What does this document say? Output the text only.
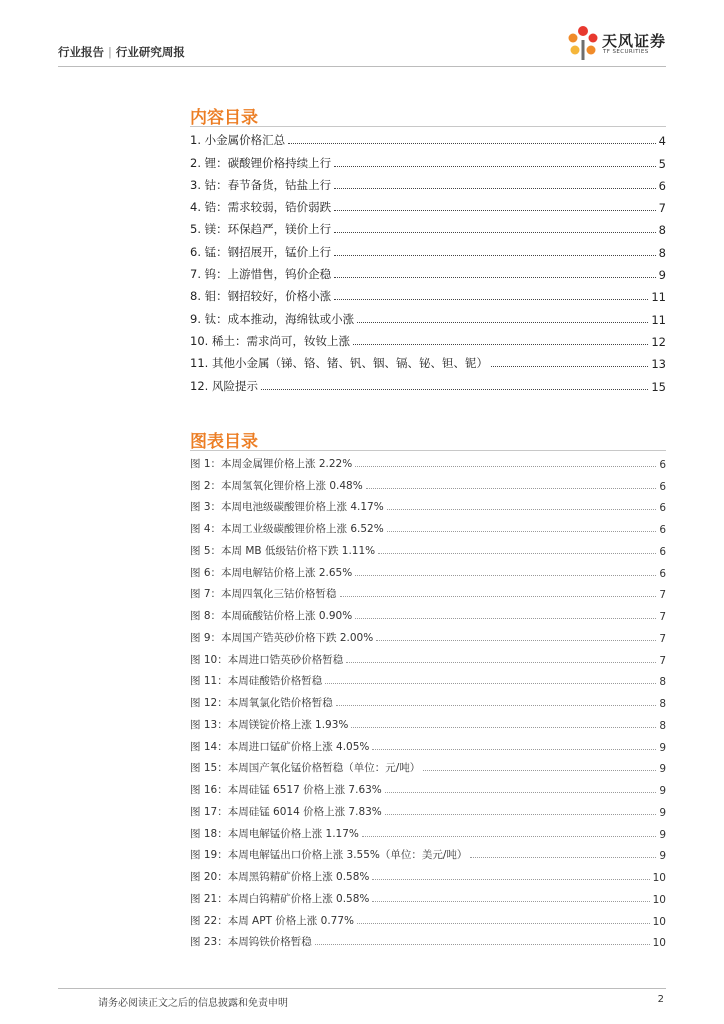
行业报告 | 行业研究周报
天风证券
TF SECURITIES
内容目录
1. 小金属价格汇总	4
2. 锂：碳酸锂价格持续上行	5
3. 钴：春节备货，钴盐上行	6
4. 锆：需求较弱，锆价弱跌	7
5. 镁：环保趋严，镁价上行	8
6. 锰：钢招展开，锰价上行	8
7. 钨：上游惜售，钨价企稳	9
8. 钼：钢招较好，价格小涨	11
9. 钛：成本推动，海绵钛或小涨	11
10. 稀土：需求尚可，钕钕上涨	12
11. 其他小金属（锑、铬、锗、钒、铟、镉、铋、钽、铌）	13
12. 风险提示	15
图表目录
图 1：本周金属锂价格上涨 2.22%	6
图 2：本周氢氧化锂价格上涨 0.48%	6
图 3：本周电池级碳酸锂价格上涨 4.17%	6
图 4：本周工业级碳酸锂价格上涨 6.52%	6
图 5：本周 MB 低级钴价格下跌 1.11%	6
图 6：本周电解钴价格上涨 2.65%	6
图 7：本周四氧化三钴价格暂稳	7
图 8：本周硫酸钴价格上涨 0.90%	7
图 9：本周国产锆英砂价格下跌 2.00%	7
图 10：本周进口锆英砂价格暂稳	7
图 11：本周硅酸锆价格暂稳	8
图 12：本周氧氯化锆价格暂稳	8
图 13：本周镁锭价格上涨 1.93%	8
图 14：本周进口锰矿价格上涨 4.05%	9
图 15：本周国产氧化锰价格暂稳（单位：元/吨）	9
图 16：本周硅锰 6517 价格上涨 7.63%	9
图 17：本周硅锰 6014 价格上涨 7.83%	9
图 18：本周电解锰价格上涨 1.17%	9
图 19：本周电解锰出口价格上涨 3.55%（单位：美元/吨）	9
图 20：本周黑钨精矿价格上涨 0.58%	10
图 21：本周白钨精矿价格上涨 0.58%	10
图 22：本周 APT 价格上涨 0.77%	10
图 23：本周钨铁价格暂稳	10
请务必阅读正文之后的信息披露和免责申明	2
